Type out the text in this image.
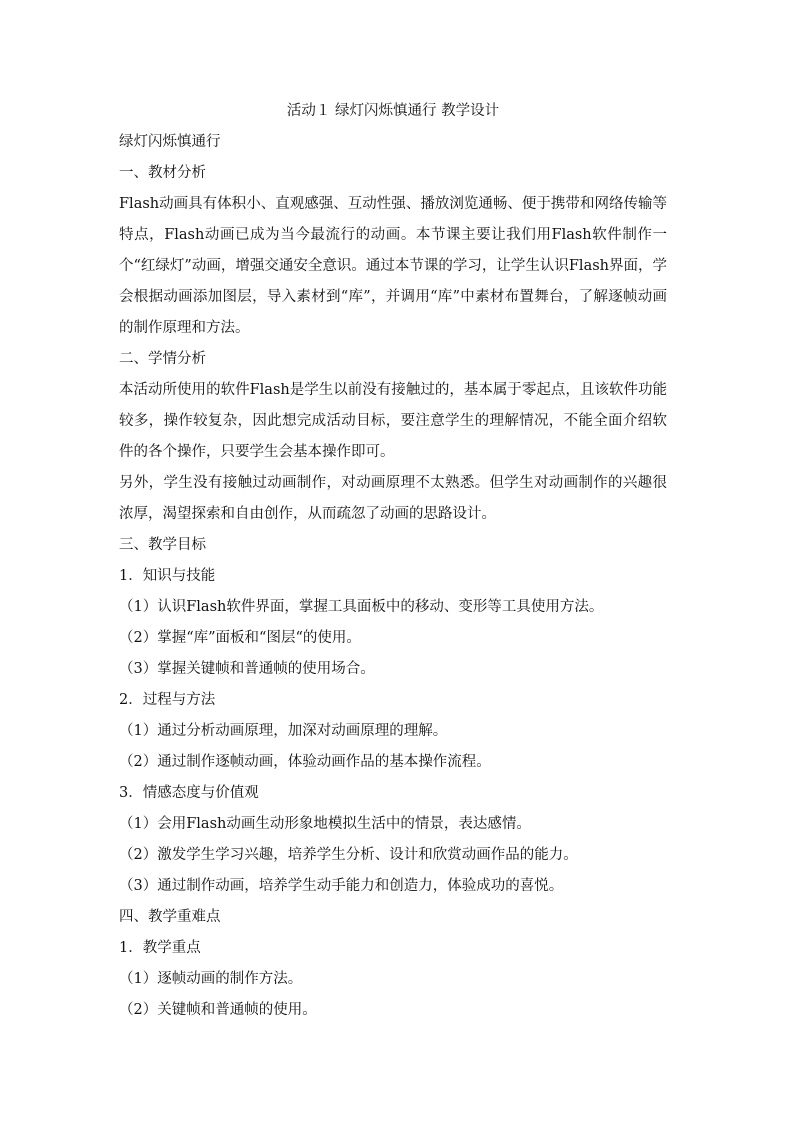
活动１ 绿灯闪烁慎通行 教学设计

绿灯闪烁慎通行

一、教材分析

Flash动画具有体积小、直观感强、互动性强、播放浏览通畅、便于携带和网络传输等特点，Flash动画已成为当今最流行的动画。本节课主要让我们用Flash软件制作一个“红绿灯”动画，增强交通安全意识。通过本节课的学习，让学生认识Flash界面，学会根据动画添加图层，导入素材到“库”，并调用“库”中素材布置舞台，了解逐帧动画的制作原理和方法。

二、学情分析

本活动所使用的软件Flash是学生以前没有接触过的，基本属于零起点，且该软件功能较多，操作较复杂，因此想完成活动目标，要注意学生的理解情况，不能全面介绍软件的各个操作，只要学生会基本操作即可。

另外，学生没有接触过动画制作，对动画原理不太熟悉。但学生对动画制作的兴趣很浓厚，渴望探索和自由创作，从而疏忽了动画的思路设计。

三、教学目标

1．知识与技能

（1）认识Flash软件界面，掌握工具面板中的移动、变形等工具使用方法。

（2）掌握“库”面板和“图层“的使用。

（3）掌握关键帧和普通帧的使用场合。

2．过程与方法

（1）通过分析动画原理，加深对动画原理的理解。

（2）通过制作逐帧动画，体验动画作品的基本操作流程。

3．情感态度与价值观

（1）会用Flash动画生动形象地模拟生活中的情景，表达感情。

（2）激发学生学习兴趣，培养学生分析、设计和欣赏动画作品的能力。

（3）通过制作动画，培养学生动手能力和创造力，体验成功的喜悦。

四、教学重难点

1．教学重点

（1）逐帧动画的制作方法。

（2）关键帧和普通帧的使用。
